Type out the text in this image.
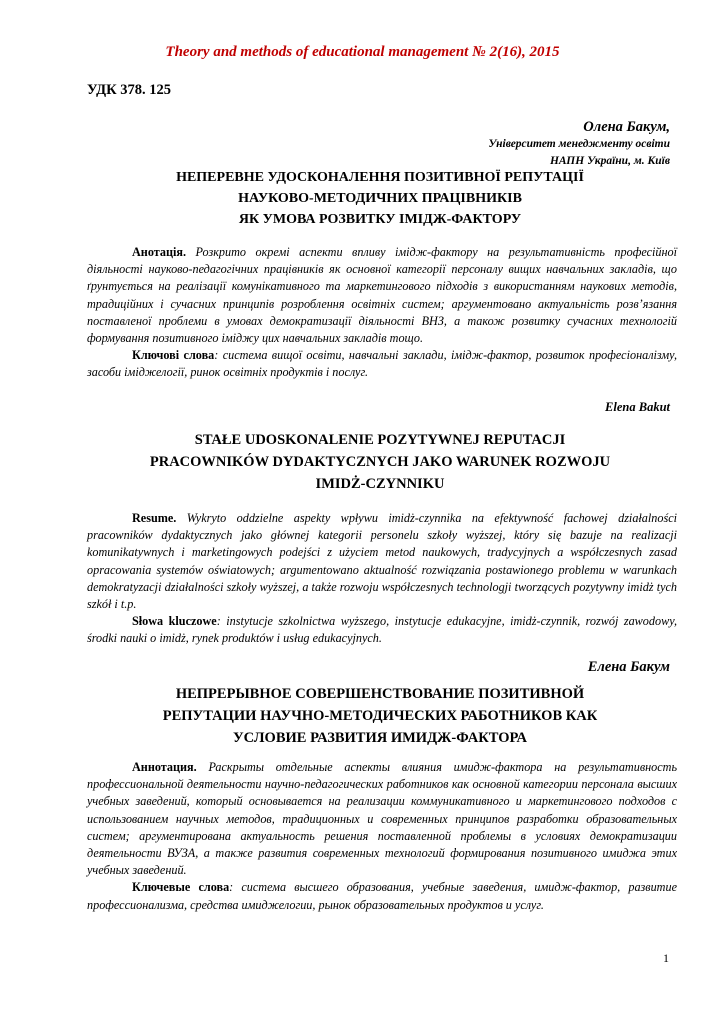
Theory and methods of educational management № 2(16), 2015
УДК 378. 125
Олена Бакум,
Університет менеджменту освіти
НАПН України, м. Київ
НЕПЕРЕВНЕ УДОСКОНАЛЕННЯ ПОЗИТИВНОЇ РЕПУТАЦІЇ
НАУКОВО-МЕТОДИЧНИХ ПРАЦІВНИКІВ
ЯК УМОВА РОЗВИТКУ ІМІДЖ-ФАКТОРУ
Анотація. Розкрито окремі аспекти впливу імідж-фактору на результативність професійної діяльності науково-педагогічних працівників як основної категорії персоналу вищих навчальних закладів, що ґрунтується на реалізації комунікативного та маркетингового підходів з використанням наукових методів, традиційних і сучасних принципів розроблення освітніх систем; аргументовано актуальність розв’язання поставленої проблеми в умовах демократизації діяльності ВНЗ, а також розвитку сучасних технологій формування позитивного іміджу цих навчальних закладів тощо.
Ключові слова: система вищої освіти, навчальні заклади, імідж-фактор, розвиток професіоналізму, засоби іміджелогії, ринок освітніх продуктів і послуг.
Elena Bakut
STAŁE UDOSKONALENIE POZYTYWNEJ REPUTACJI
PRACOWNIKÓW DYDAKTYCZNYCH JAKO WARUNEK ROZWOJU
IMIDŻ-CZYNNIKU
Resume. Wykryto oddzielne aspekty wpływu imidż-czynnika na efektywność fachowej działalności pracowników dydaktycznych jako głównej kategorii personelu szkoły wyższej, który się bazuje na realizacji komunikatywnych i marketingowych podejści z użyciem metod naukowych, tradycyjnych a współczesnych zasad opracowania systemów oświatowych; argumentowano aktualność rozwiązania postawionego problemu w warunkach demokratyzacji działalności szkoły wyższej, a także rozwoju współczesnych technologji tworzących pozytywny imidż tych szkół i t.p.
Słowa kluczowe: instytucje szkolnictwa wyższego, instytucje edukacyjne, imidż-czynnik, rozwój zawodowy, środki nauki o imidż, rynek produktów i usług edukacyjnych.
Елена Бакум
НЕПРЕРЫВНОЕ СОВЕРШЕНСТВОВАНИЕ ПОЗИТИВНОЙ
РЕПУТАЦИИ НАУЧНО-МЕТОДИЧЕСКИХ РАБОТНИКОВ КАК
УСЛОВИЕ РАЗВИТИЯ ИМИДЖ-ФАКТОРА
Аннотация. Раскрыты отдельные аспекты влияния имидж-фактора на результативность профессиональной деятельности научно-педагогических работников как основной категории персонала высших учебных заведений, который основывается на реализации коммуникативного и маркетингового подходов с использованием научных методов, традиционных и современных принципов разработки образовательных систем; аргументирована актуальность решения поставленной проблемы в условиях демократизации деятельности ВУЗА, а также развития современных технологий формирования позитивного имиджа этих учебных заведений.
Ключевые слова: система высшего образования, учебные заведения, имидж-фактор, развитие профессионализма, средства имиджелогии, рынок образовательных продуктов и услуг.
1
